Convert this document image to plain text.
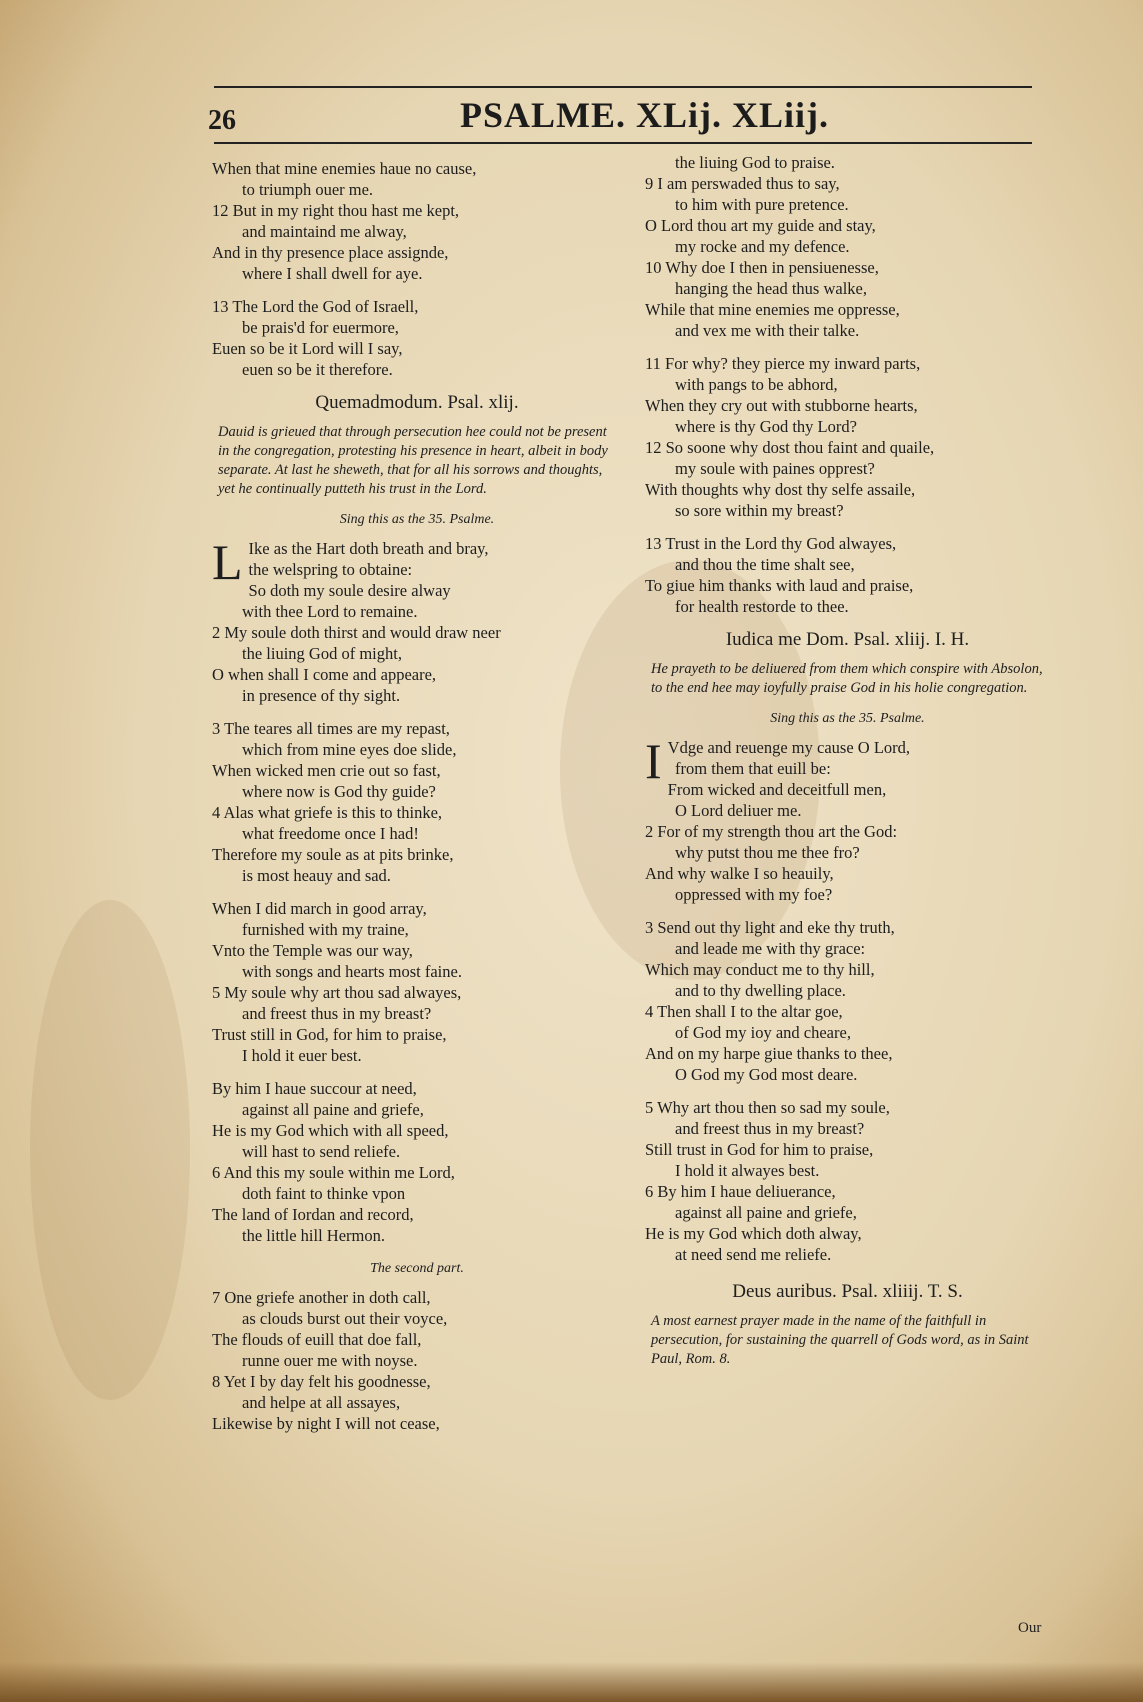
26	PSALME. XLij. XLiij.
When that mine enemies haue no cause,
to triumph ouer me.
12 But in my right thou hast me kept,
and maintaind me alway,
And in thy presence place assignde,
where I shall dwell for aye.
13 The Lord the God of Israell,
be prais'd for euermore,
Euen so be it Lord will I say,
euen so be it therefore.
Quemadmodum. Psal. xlij.
Dauid is grieued that through persecution hee could not be present in the congregation, protesting his presence in heart, albeit in body separate. At last he sheweth, that for all his sorrows and thoughts, yet he continually putteth his trust in the Lord.
Sing this as the 35. Psalme.
L Ike as the Hart doth breath and bray,
the welspring to obtaine:
So doth my soule desire alway
with thee Lord to remaine.
2 My soule doth thirst and would draw neer
the liuing God of might,
O when shall I come and appeare,
in presence of thy sight.
3 The teares all times are my repast,
which from mine eyes doe slide,
When wicked men crie out so fast,
where now is God thy guide?
4 Alas what griefe is this to thinke,
what freedome once I had!
Therefore my soule as at pits brinke,
is most heauy and sad.
When I did march in good array,
furnished with my traine,
Vnto the Temple was our way,
with songs and hearts most faine.
5 My soule why art thou sad alwayes,
and freest thus in my breast?
Trust still in God, for him to praise,
I hold it euer best.
By him I haue succour at need,
against all paine and griefe,
He is my God which with all speed,
will hast to send reliefe.
6 And this my soule within me Lord,
doth faint to thinke vpon
The land of Iordan and record,
the little hill Hermon.
The second part.
7 One griefe another in doth call,
as clouds burst out their voyce,
The flouds of euill that doe fall,
runne ouer me with noyse.
8 Yet I by day felt his goodnesse,
and helpe at all assayes,
Likewise by night I will not cease,
the liuing God to praise.
9 I am perswaded thus to say,
to him with pure pretence.
O Lord thou art my guide and stay,
my rocke and my defence.
10 Why doe I then in pensiuenesse,
hanging the head thus walke,
While that mine enemies me oppresse,
and vex me with their talke.
11 For why? they pierce my inward parts,
with pangs to be abhord,
When they cry out with stubborne hearts,
where is thy God thy Lord?
12 So soone why dost thou faint and quaile,
my soule with paines opprest?
With thoughts why dost thy selfe assaile,
so sore within my breast?
13 Trust in the Lord thy God alwayes,
and thou the time shalt see,
To giue him thanks with laud and praise,
for health restorde to thee.
Iudica me Dom. Psal. xliij. I. H.
He prayeth to be deliuered from them which conspire with Absolon, to the end hee may ioyfully praise God in his holie congregation.
Sing this as the 35. Psalme.
I Vdge and reuenge my cause O Lord,
from them that euill be:
From wicked and deceitfull men,
O Lord deliuer me.
2 For of my strength thou art the God:
why putst thou me thee fro?
And why walke I so heauily,
oppressed with my foe?
3 Send out thy light and eke thy truth,
and leade me with thy grace:
Which may conduct me to thy hill,
and to thy dwelling place.
4 Then shall I to the altar goe,
of God my ioy and cheare,
And on my harpe giue thanks to thee,
O God my God most deare.
5 Why art thou then so sad my soule,
and freest thus in my breast?
Still trust in God for him to praise,
I hold it alwayes best.
6 By him I haue deliuerance,
against all paine and griefe,
He is my God which doth alway,
at need send me reliefe.
Deus auribus. Psal. xliiij. T. S.
A most earnest prayer made in the name of the faithfull in persecution, for sustaining the quarrell of Gods word, as in Saint Paul, Rom. 8.
Our
